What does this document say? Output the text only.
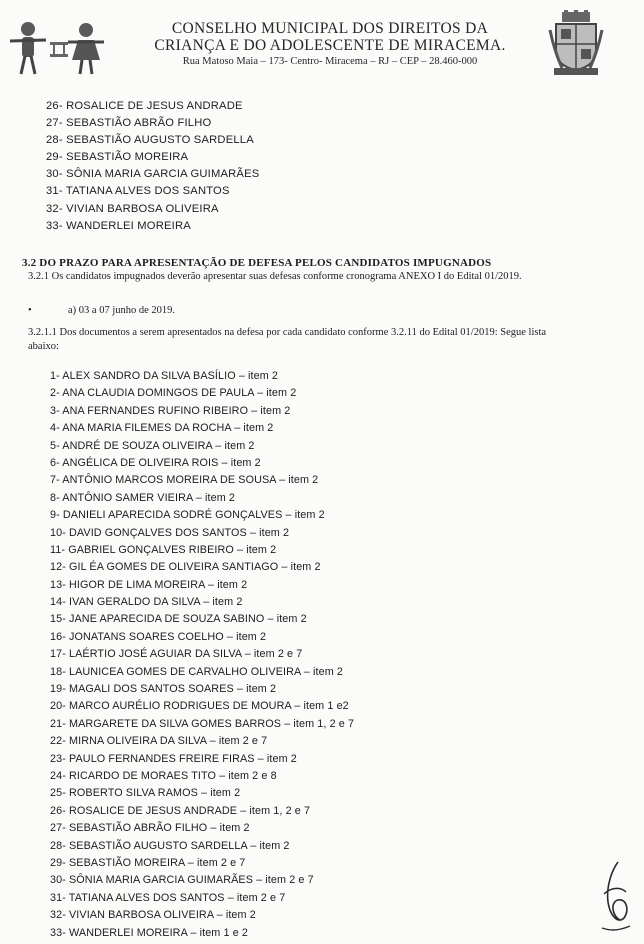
CONSELHO MUNICIPAL DOS DIREITOS DA
CRIANÇA E DO ADOLESCENTE DE MIRACEMA.
Rua Matoso Maia – 173- Centro- Miracema – RJ – CEP – 28.460-000
26- ROSALICE DE JESUS ANDRADE
27- SEBASTIÃO ABRÃO FILHO
28- SEBASTIÃO AUGUSTO SARDELLA
29- SEBASTIÃO MOREIRA
30- SÔNIA MARIA GARCIA GUIMARÃES
31- TATIANA ALVES DOS SANTOS
32- VIVIAN BARBOSA OLIVEIRA
33- WANDERLEI MOREIRA
3.2 DO PRAZO PARA APRESENTAÇÃO DE DEFESA PELOS CANDIDATOS IMPUGNADOS
3.2.1 Os candidatos impugnados deverão apresentar suas defesas conforme cronograma ANEXO I do Edital 01/2019.
•	a) 03 a 07 junho de 2019.
3.2.1.1 Dos documentos a serem apresentados na defesa por cada candidato conforme 3.2.11 do Edital 01/2019: Segue lista abaixo:
1- ALEX SANDRO DA SILVA BASÍLIO – item 2
2- ANA CLAUDIA DOMINGOS DE PAULA – item 2
3- ANA FERNANDES RUFINO RIBEIRO – item 2
4- ANA MARIA FILEMES DA ROCHA – item 2
5- ANDRÉ DE SOUZA OLIVEIRA – item 2
6- ANGÉLICA DE OLIVEIRA ROIS – item 2
7- ANTÔNIO MARCOS MOREIRA DE SOUSA – item 2
8- ANTÔNIO SAMER VIEIRA – item 2
9- DANIELI APARECIDA SODRÉ GONÇALVES – item 2
10- DAVID GONÇALVES DOS SANTOS – item 2
11- GABRIEL GONÇALVES RIBEIRO – item 2
12- GIL ÉA GOMES DE OLIVEIRA SANTIAGO – item 2
13- HIGOR DE LIMA MOREIRA – item 2
14- IVAN GERALDO DA SILVA – item 2
15- JANE APARECIDA DE SOUZA SABINO – item 2
16- JONATANS SOARES COELHO – item 2
17- LAÉRTIO JOSÉ AGUIAR DA SILVA – item 2 e 7
18- LAUNICEA GOMES DE CARVALHO OLIVEIRA – item 2
19- MAGALI DOS SANTOS SOARES – item 2
20- MARCO AURÉLIO RODRIGUES DE MOURA – item 1 e2
21- MARGARETE DA SILVA GOMES BARROS – item 1, 2 e 7
22- MIRNA OLIVEIRA DA SILVA – item 2 e 7
23- PAULO FERNANDES FREIRE FIRAS – item 2
24- RICARDO DE MORAES TITO – item 2 e 8
25- ROBERTO SILVA RAMOS – item 2
26- ROSALICE DE JESUS ANDRADE – item 1, 2 e 7
27- SEBASTIÃO ABRÃO FILHO – item 2
28- SEBASTIÃO AUGUSTO SARDELLA – item 2
29- SEBASTIÃO MOREIRA – item 2 e 7
30- SÔNIA MARIA GARCIA GUIMARÃES – item 2 e 7
31- TATIANA ALVES DOS SANTOS – item 2 e 7
32- VIVIAN BARBOSA OLIVEIRA – item 2
33- WANDERLEI MOREIRA – item 1 e 2
